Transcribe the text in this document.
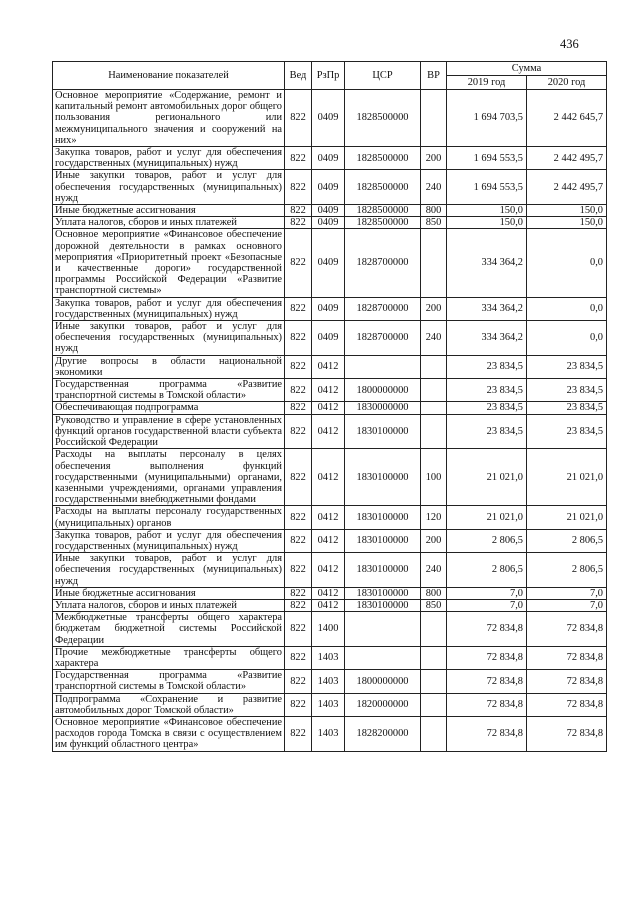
436
Наименование показателей	Вед	РзПр	ЦСР	ВР	Сумма	
					2019 год	2020 год
Основное мероприятие «Содержание, ремонт и капитальный ремонт автомобильных дорог общего пользования регионального или межмуниципального значения и сооружений на них»	822	0409	1828500000		1 694 703,5	2 442 645,7
Закупка товаров, работ и услуг для обеспечения государственных (муниципальных) нужд	822	0409	1828500000	200	1 694 553,5	2 442 495,7
Иные закупки товаров, работ и услуг для обеспечения государственных (муниципальных) нужд	822	0409	1828500000	240	1 694 553,5	2 442 495,7
Иные бюджетные ассигнования	822	0409	1828500000	800	150,0	150,0
Уплата налогов, сборов и иных платежей	822	0409	1828500000	850	150,0	150,0
Основное мероприятие «Финансовое обеспечение дорожной деятельности в рамках основного мероприятия «Приоритетный проект «Безопасные и качественные дороги» государственной программы Российской Федерации «Развитие транспортной системы»	822	0409	1828700000		334 364,2	0,0
Закупка товаров, работ и услуг для обеспечения государственных (муниципальных) нужд	822	0409	1828700000	200	334 364,2	0,0
Иные закупки товаров, работ и услуг для обеспечения государственных (муниципальных) нужд	822	0409	1828700000	240	334 364,2	0,0
Другие вопросы в области национальной экономики	822	0412			23 834,5	23 834,5
Государственная программа «Развитие транспортной системы в Томской области»	822	0412	1800000000		23 834,5	23 834,5
Обеспечивающая подпрограмма	822	0412	1830000000		23 834,5	23 834,5
Руководство и управление в сфере установленных функций органов государственной власти субъекта Российской Федерации	822	0412	1830100000		23 834,5	23 834,5
Расходы на выплаты персоналу в целях обеспечения выполнения функций государственными (муниципальными) органами, казенными учреждениями, органами управления государственными внебюджетными фондами	822	0412	1830100000	100	21 021,0	21 021,0
Расходы на выплаты персоналу государственных (муниципальных) органов	822	0412	1830100000	120	21 021,0	21 021,0
Закупка товаров, работ и услуг для обеспечения государственных (муниципальных) нужд	822	0412	1830100000	200	2 806,5	2 806,5
Иные закупки товаров, работ и услуг для обеспечения государственных (муниципальных) нужд	822	0412	1830100000	240	2 806,5	2 806,5
Иные бюджетные ассигнования	822	0412	1830100000	800	7,0	7,0
Уплата налогов, сборов и иных платежей	822	0412	1830100000	850	7,0	7,0
Межбюджетные трансферты общего характера бюджетам бюджетной системы Российской Федерации	822	1400			72 834,8	72 834,8
Прочие межбюджетные трансферты общего характера	822	1403			72 834,8	72 834,8
Государственная программа «Развитие транспортной системы в Томской области»	822	1403	1800000000		72 834,8	72 834,8
Подпрограмма «Сохранение и развитие автомобильных дорог Томской области»	822	1403	1820000000		72 834,8	72 834,8
Основное мероприятие «Финансовое обеспечение расходов города Томска в связи с осуществлением им функций областного центра»	822	1403	1828200000		72 834,8	72 834,8
